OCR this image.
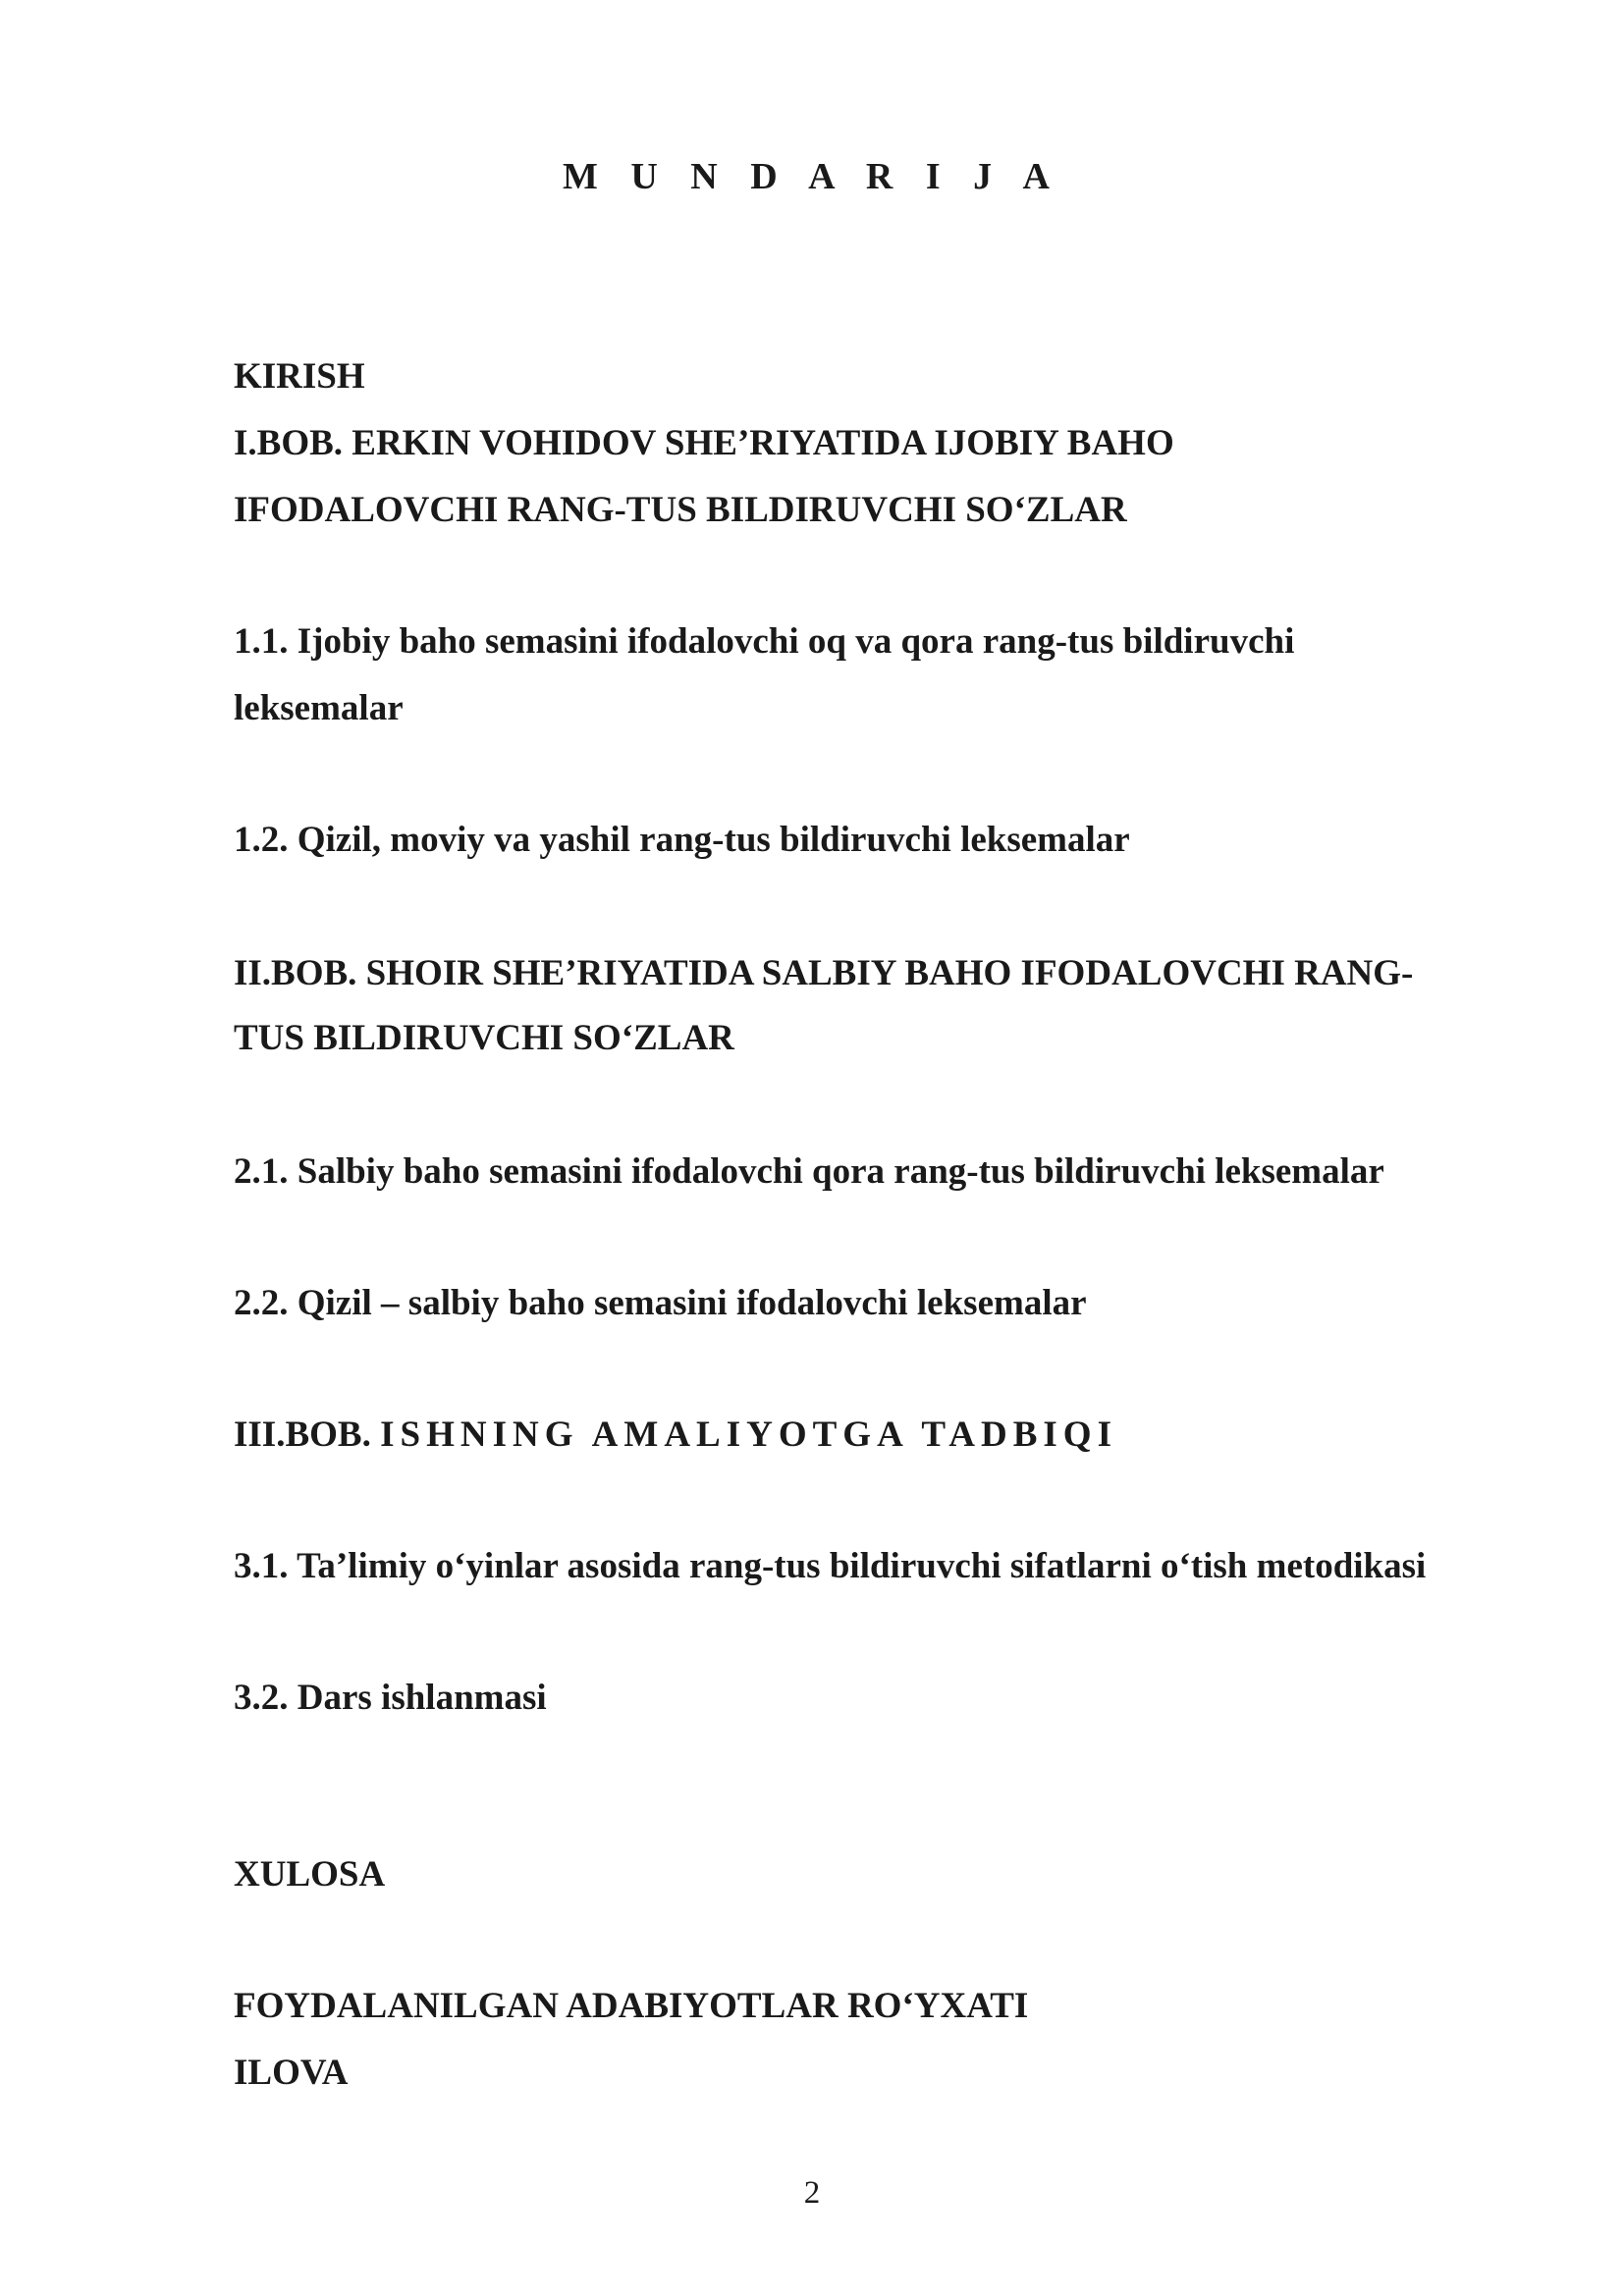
M U N D A R I J A

KIRISH

I.BOB. ERKIN VOHIDOV SHE’RIYATIDA IJOBIY BAHO

IFODALOVCHI RANG-TUS BILDIRUVCHI SO‘ZLAR

1.1. Ijobiy baho semasini ifodalovchi oq va qora rang-tus bildiruvchi

leksemalar

1.2. Qizil, moviy va yashil rang-tus bildiruvchi leksemalar

II.BOB. SHOIR SHE’RIYATIDA SALBIY BAHO IFODALOVCHI RANG-

TUS BILDIRUVCHI SO‘ZLAR

2.1. Salbiy baho semasini ifodalovchi qora rang-tus bildiruvchi leksemalar

2.2. Qizil – salbiy baho semasini ifodalovchi leksemalar

III.BOB. ISHNING AMALIYOTGA TADBIQI

3.1. Ta’limiy o‘yinlar asosida rang-tus bildiruvchi sifatlarni o‘tish metodikasi

3.2. Dars ishlanmasi

XULOSA

FOYDALANILGAN ADABIYOTLAR RO‘YXATI

ILOVA

2
